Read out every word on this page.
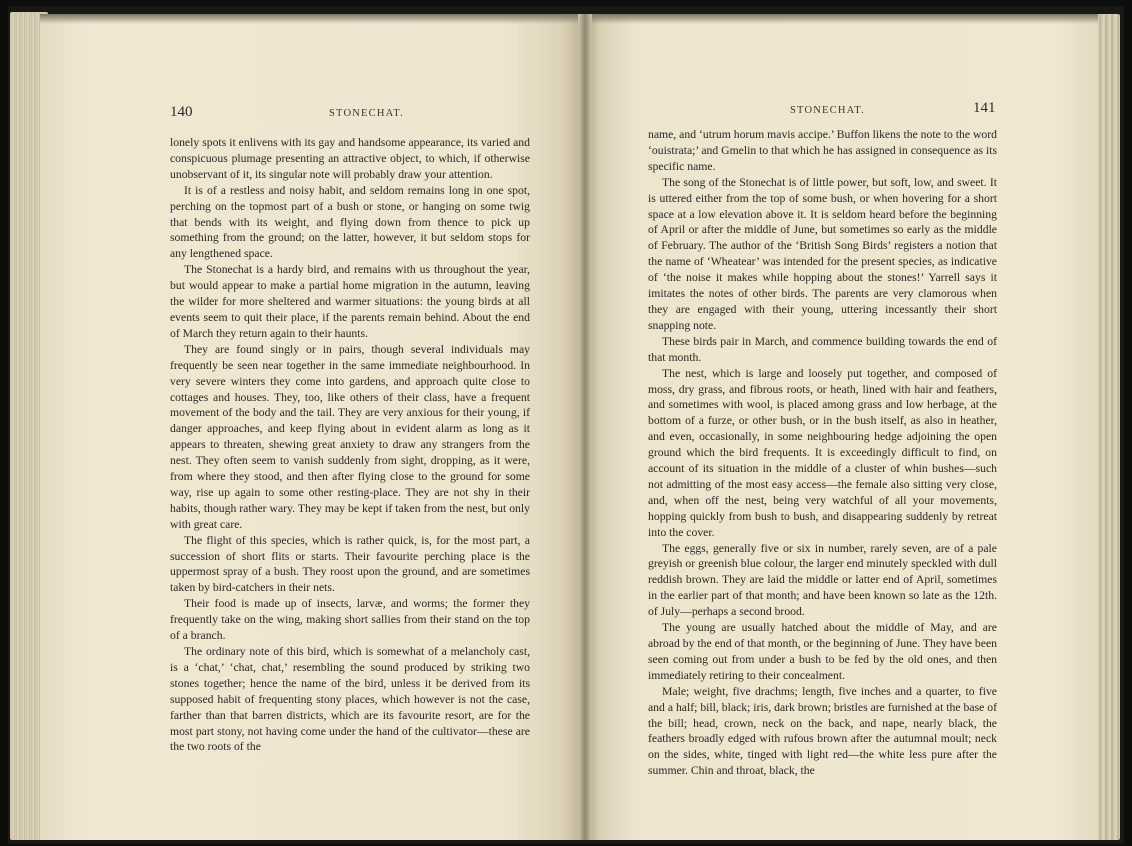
140	STONECHAT.

lonely spots it enlivens with its gay and handsome appearance, its varied and conspicuous plumage presenting an attractive object, to which, if otherwise unobservant of it, its singular note will probably draw your attention.

It is of a restless and noisy habit, and seldom remains long in one spot, perching on the topmost part of a bush or stone, or hanging on some twig that bends with its weight, and flying down from thence to pick up something from the ground; on the latter, however, it but seldom stops for any lengthened space.

The Stonechat is a hardy bird, and remains with us throughout the year, but would appear to make a partial home migration in the autumn, leaving the wilder for more sheltered and warmer situations: the young birds at all events seem to quit their place, if the parents remain behind. About the end of March they return again to their haunts.

They are found singly or in pairs, though several individuals may frequently be seen near together in the same immediate neighbourhood. In very severe winters they come into gardens, and approach quite close to cottages and houses. They, too, like others of their class, have a frequent movement of the body and the tail. They are very anxious for their young, if danger approaches, and keep flying about in evident alarm as long as it appears to threaten, shewing great anxiety to draw any strangers from the nest. They often seem to vanish suddenly from sight, dropping, as it were, from where they stood, and then after flying close to the ground for some way, rise up again to some other resting-place. They are not shy in their habits, though rather wary. They may be kept if taken from the nest, but only with great care.

The flight of this species, which is rather quick, is, for the most part, a succession of short flits or starts. Their favourite perching place is the uppermost spray of a bush. They roost upon the ground, and are sometimes taken by bird-catchers in their nets.

Their food is made up of insects, larvæ, and worms; the former they frequently take on the wing, making short sallies from their stand on the top of a branch.

The ordinary note of this bird, which is somewhat of a melancholy cast, is a ‘chat,’ ‘chat, chat,’ resembling the sound produced by striking two stones together; hence the name of the bird, unless it be derived from its supposed habit of frequenting stony places, which however is not the case, farther than that barren districts, which are its favourite resort, are for the most part stony, not having come under the hand of the cultivator—these are the two roots of the

STONECHAT.	141

name, and ‘utrum horum mavis accipe.’ Buffon likens the note to the word ‘ouistrata;’ and Gmelin to that which he has assigned in consequence as its specific name.

The song of the Stonechat is of little power, but soft, low, and sweet. It is uttered either from the top of some bush, or when hovering for a short space at a low elevation above it. It is seldom heard before the beginning of April or after the middle of June, but sometimes so early as the middle of February. The author of the ‘British Song Birds’ registers a notion that the name of ‘Wheatear’ was intended for the present species, as indicative of ‘the noise it makes while hopping about the stones!’ Yarrell says it imitates the notes of other birds. The parents are very clamorous when they are engaged with their young, uttering incessantly their short snapping note.

These birds pair in March, and commence building towards the end of that month.

The nest, which is large and loosely put together, and composed of moss, dry grass, and fibrous roots, or heath, lined with hair and feathers, and sometimes with wool, is placed among grass and low herbage, at the bottom of a furze, or other bush, or in the bush itself, as also in heather, and even, occasionally, in some neighbouring hedge adjoining the open ground which the bird frequents. It is exceedingly difficult to find, on account of its situation in the middle of a cluster of whin bushes—such not admitting of the most easy access—the female also sitting very close, and, when off the nest, being very watchful of all your movements, hopping quickly from bush to bush, and disappearing suddenly by retreat into the cover.

The eggs, generally five or six in number, rarely seven, are of a pale greyish or greenish blue colour, the larger end minutely speckled with dull reddish brown. They are laid the middle or latter end of April, sometimes in the earlier part of that month; and have been known so late as the 12th. of July—perhaps a second brood.

The young are usually hatched about the middle of May, and are abroad by the end of that month, or the beginning of June. They have been seen coming out from under a bush to be fed by the old ones, and then immediately retiring to their concealment.

Male; weight, five drachms; length, five inches and a quarter, to five and a half; bill, black; iris, dark brown; bristles are furnished at the base of the bill; head, crown, neck on the back, and nape, nearly black, the feathers broadly edged with rufous brown after the autumnal moult; neck on the sides, white, tinged with light red—the white less pure after the summer. Chin and throat, black, the
